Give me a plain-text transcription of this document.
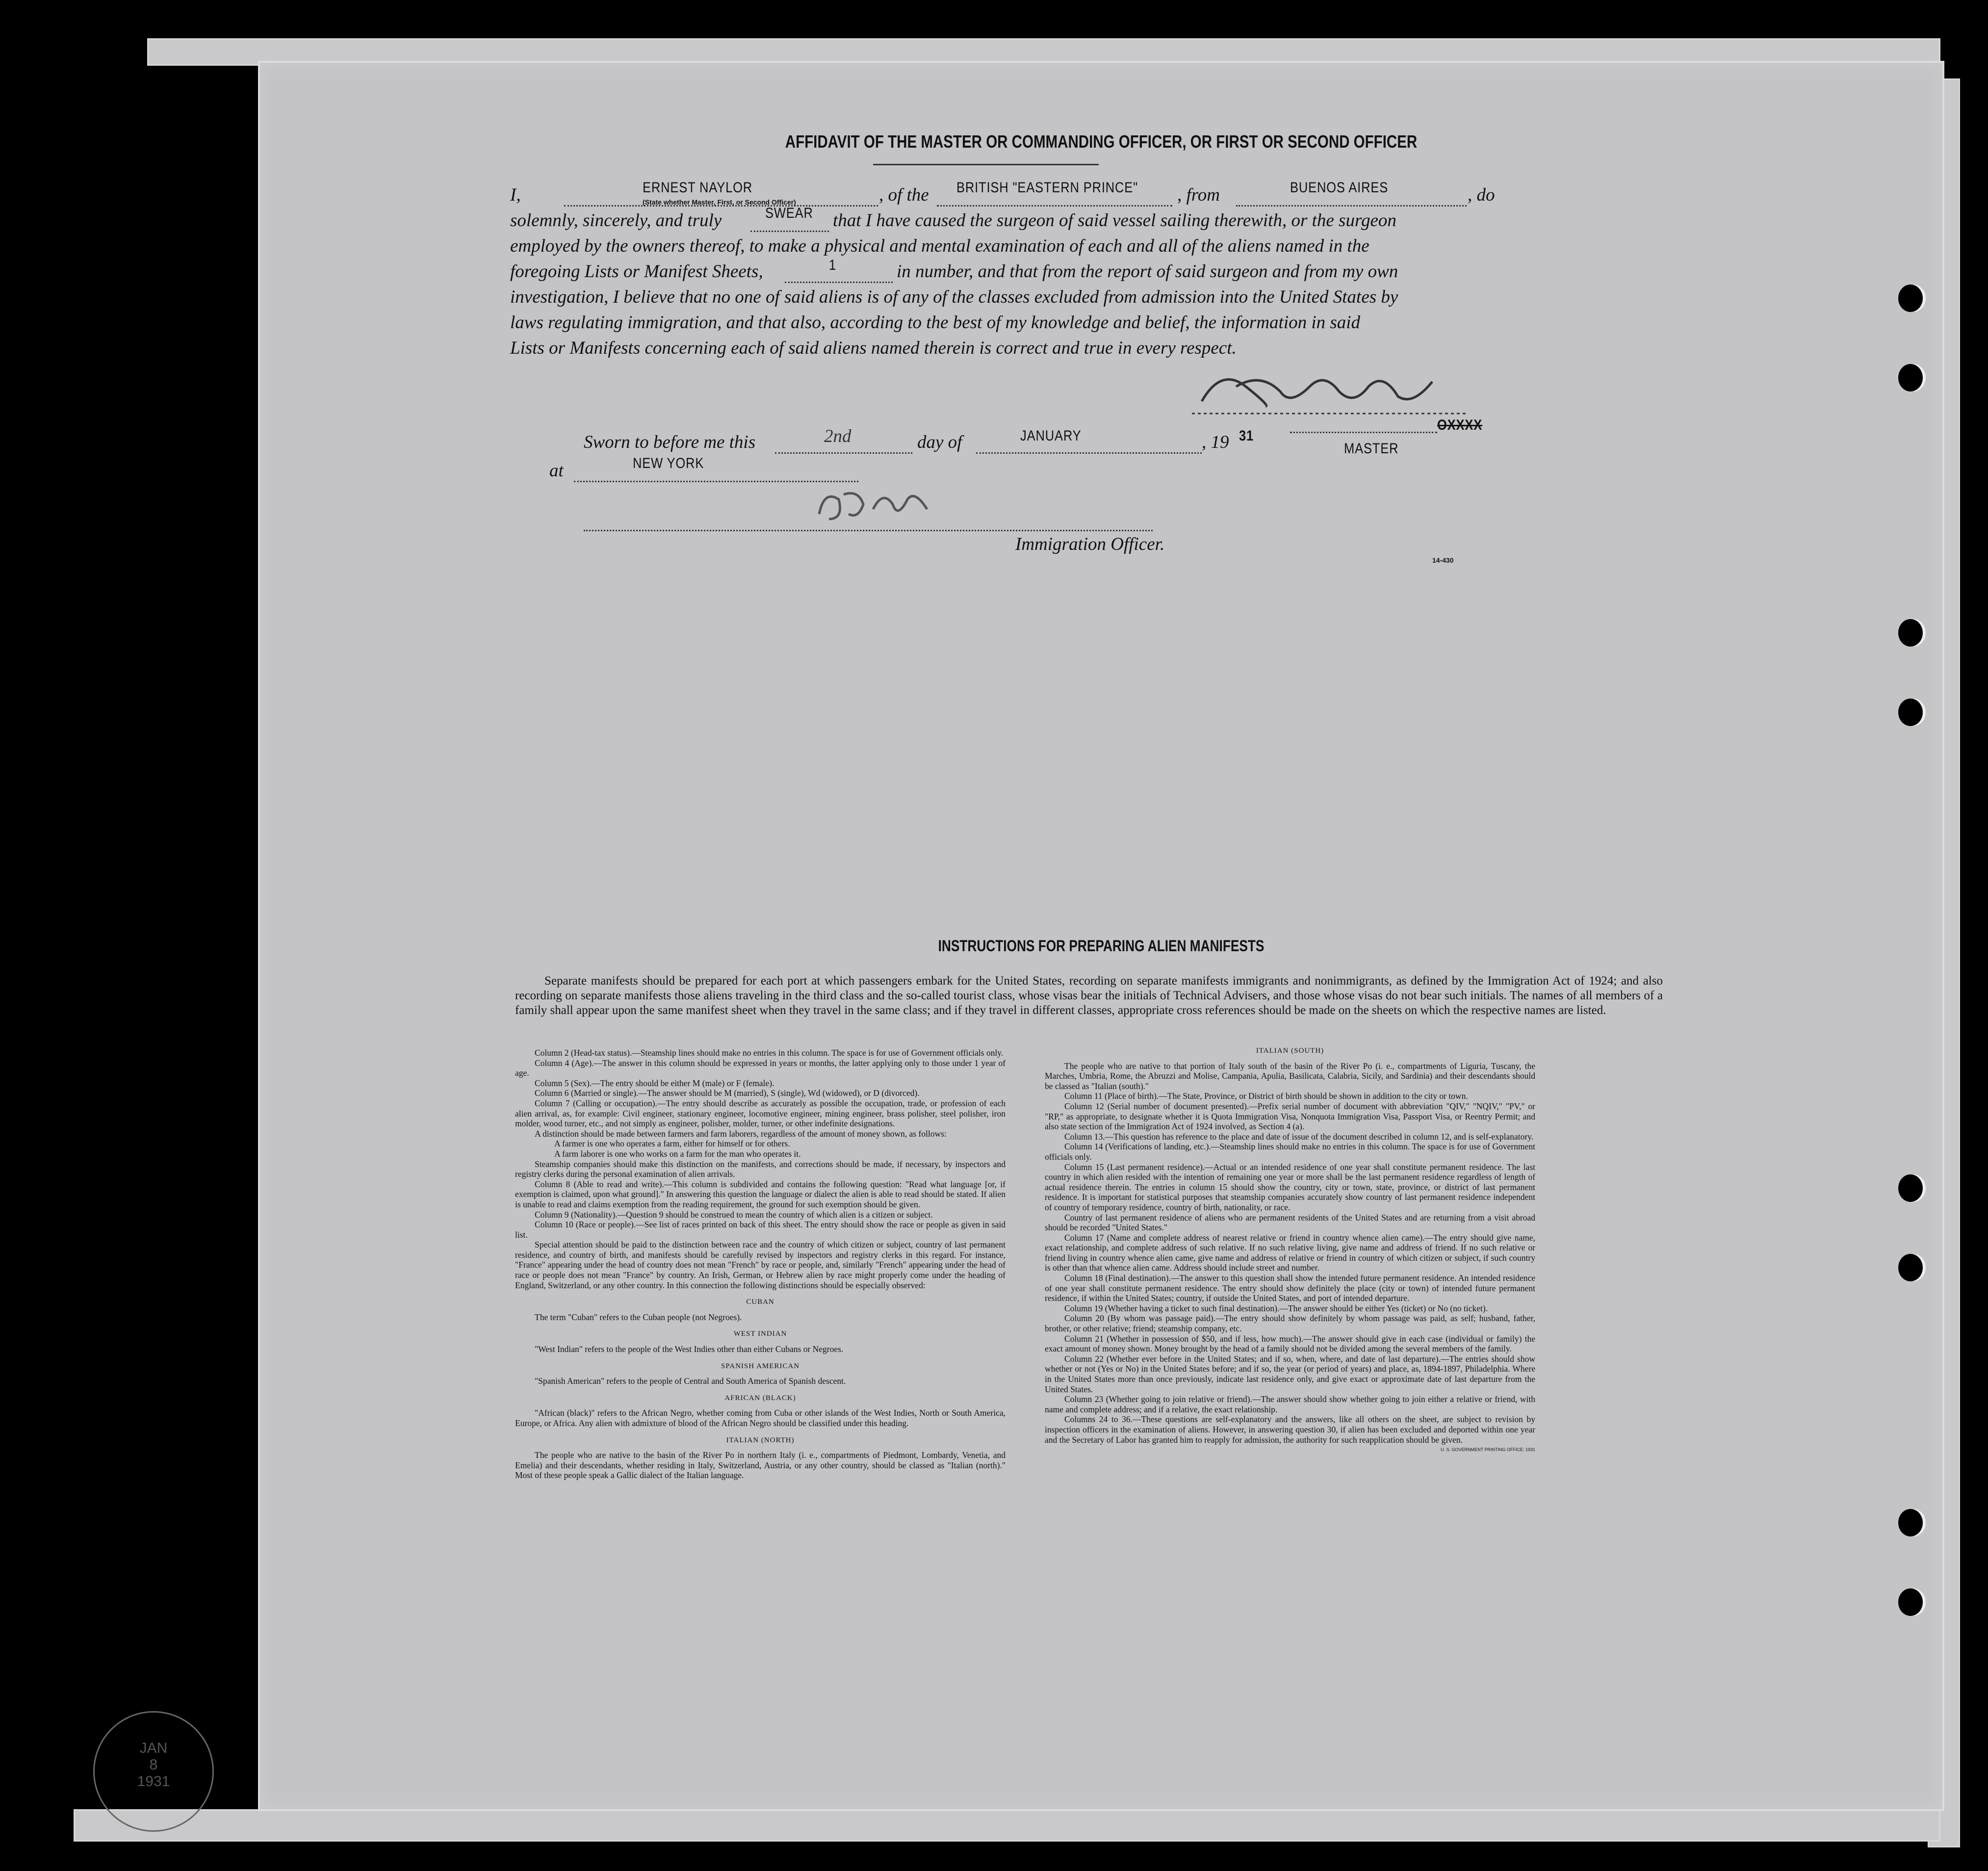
AFFIDAVIT OF THE MASTER OR COMMANDING OFFICER, OR FIRST OR SECOND OFFICER
I,	ERNEST NAYLOR
(State whether Master, First, or Second Officer)	, of the BRITISH "EASTERN PRINCE" , from	BUENOS AIRES	, do
solemnly, sincerely, and truly	SWEAR that I have caused the surgeon of said vessel sailing therewith, or the surgeon
employed by the owners thereof, to make a physical and mental examination of each and all of the aliens named in the
foregoing Lists or Manifest Sheets,	1	in number, and that from the report of said surgeon and from my own
investigation, I believe that no one of said aliens is of any of the classes excluded from admission into the United States by
laws regulating immigration, and that also, according to the best of my knowledge and belief, the information in said
Lists or Manifests concerning each of said aliens named therein is correct and true in every respect.
OXXXX
MASTER
Sworn to before me this	2nd	day of	JANUARY	, 19 31
at	NEW YORK
Immigration Officer.
14-430
INSTRUCTIONS FOR PREPARING ALIEN MANIFESTS

Separate manifests should be prepared for each port at which passengers embark for the United States, recording on separate manifests immigrants and nonimmigrants, as defined by the Immigration Act of 1924; and also recording on separate manifests those aliens traveling in the third class and the so-called tourist class, whose visas bear the initials of Technical Advisers, and those whose visas do not bear such initials. The names of all members of a family shall appear upon the same manifest sheet when they travel in the same class; and if they travel in different classes, appropriate cross references should be made on the sheets on which the respective names are listed.

Column 2 (Head-tax status).—Steamship lines should make no entries in this column. The space is for use of Government officials only.

Column 4 (Age).—The answer in this column should be expressed in years or months, the latter applying only to those under 1 year of age.

Column 5 (Sex).—The entry should be either M (male) or F (female).

Column 6 (Married or single).—The answer should be M (married), S (single), Wd (widowed), or D (divorced).

Column 7 (Calling or occupation).—The entry should describe as accurately as possible the occupation, trade, or profession of each alien arrival, as, for example: Civil engineer, stationary engineer, locomotive engineer, mining engineer, brass polisher, steel polisher, iron molder, wood turner, etc., and not simply as engineer, polisher, molder, turner, or other indefinite designations.

A distinction should be made between farmers and farm laborers, regardless of the amount of money shown, as follows:

A farmer is one who operates a farm, either for himself or for others.

A farm laborer is one who works on a farm for the man who operates it.

Steamship companies should make this distinction on the manifests, and corrections should be made, if necessary, by inspectors and registry clerks during the personal examination of alien arrivals.

Column 8 (Able to read and write).—This column is subdivided and contains the following question: "Read what language [or, if exemption is claimed, upon what ground]." In answering this question the language or dialect the alien is able to read should be stated. If alien is unable to read and claims exemption from the reading requirement, the ground for such exemption should be given.

Column 9 (Nationality).—Question 9 should be construed to mean the country of which alien is a citizen or subject.

Column 10 (Race or people).—See list of races printed on back of this sheet. The entry should show the race or people as given in said list.

Special attention should be paid to the distinction between race and the country of which citizen or subject, country of last permanent residence, and country of birth, and manifests should be carefully revised by inspectors and registry clerks in this regard. For instance, "France" appearing under the head of country does not mean "French" by race or people, and, similarly "French" appearing under the head of race or people does not mean "France" by country. An Irish, German, or Hebrew alien by race might properly come under the heading of England, Switzerland, or any other country. In this connection the following distinctions should be especially observed:

CUBAN

The term "Cuban" refers to the Cuban people (not Negroes).

WEST INDIAN

"West Indian" refers to the people of the West Indies other than either Cubans or Negroes.

SPANISH AMERICAN

"Spanish American" refers to the people of Central and South America of Spanish descent.

AFRICAN (BLACK)

"African (black)" refers to the African Negro, whether coming from Cuba or other islands of the West Indies, North or South America, Europe, or Africa. Any alien with admixture of blood of the African Negro should be classified under this heading.

ITALIAN (NORTH)

The people who are native to the basin of the River Po in northern Italy (i. e., compartments of Piedmont, Lombardy, Venetia, and Emelia) and their descendants, whether residing in Italy, Switzerland, Austria, or any other country, should be classed as "Italian (north)." Most of these people speak a Gallic dialect of the Italian language.

ITALIAN (SOUTH)

The people who are native to that portion of Italy south of the basin of the River Po (i. e., compartments of Liguria, Tuscany, the Marches, Umbria, Rome, the Abruzzi and Molise, Campania, Apulia, Basilicata, Calabria, Sicily, and Sardinia) and their descendants should be classed as "Italian (south)."

Column 11 (Place of birth).—The State, Province, or District of birth should be shown in addition to the city or town.

Column 12 (Serial number of document presented).—Prefix serial number of document with abbreviation "QIV," "NQIV," "PV," or "RP," as appropriate, to designate whether it is Quota Immigration Visa, Nonquota Immigration Visa, Passport Visa, or Reentry Permit; and also state section of the Immigration Act of 1924 involved, as Section 4 (a).

Column 13.—This question has reference to the place and date of issue of the document described in column 12, and is self-explanatory.

Column 14 (Verifications of landing, etc.).—Steamship lines should make no entries in this column. The space is for use of Government officials only.

Column 15 (Last permanent residence).—Actual or an intended residence of one year shall constitute permanent residence. The last country in which alien resided with the intention of remaining one year or more shall be the last permanent residence regardless of length of actual residence therein. The entries in column 15 should show the country, city or town, state, province, or district of last permanent residence. It is important for statistical purposes that steamship companies accurately show country of last permanent residence independent of country of temporary residence, country of birth, nationality, or race.

Country of last permanent residence of aliens who are permanent residents of the United States and are returning from a visit abroad should be recorded "United States."

Column 17 (Name and complete address of nearest relative or friend in country whence alien came).—The entry should give name, exact relationship, and complete address of such relative. If no such relative living, give name and address of friend. If no such relative or friend living in country whence alien came, give name and address of relative or friend in country of which citizen or subject, if such country is other than that whence alien came. Address should include street and number.

Column 18 (Final destination).—The answer to this question shall show the intended future permanent residence. An intended residence of one year shall constitute permanent residence. The entry should show definitely the place (city or town) of intended future permanent residence, if within the United States; country, if outside the United States, and port of intended departure.

Column 19 (Whether having a ticket to such final destination).—The answer should be either Yes (ticket) or No (no ticket).

Column 20 (By whom was passage paid).—The entry should show definitely by whom passage was paid, as self; husband, father, brother, or other relative; friend; steamship company, etc.

Column 21 (Whether in possession of $50, and if less, how much).—The answer should give in each case (individual or family) the exact amount of money shown. Money brought by the head of a family should not be divided among the several members of the family.

Column 22 (Whether ever before in the United States; and if so, when, where, and date of last departure).—The entries should show whether or not (Yes or No) in the United States before; and if so, the year (or period of years) and place, as, 1894-1897, Philadelphia. Where in the United States more than once previously, indicate last residence only, and give exact or approximate date of last departure from the United States.

Column 23 (Whether going to join relative or friend).—The answer should show whether going to join either a relative or friend, with name and complete address; and if a relative, the exact relationship.

Columns 24 to 36.—These questions are self-explanatory and the answers, like all others on the sheet, are subject to revision by inspection officers in the examination of aliens. However, in answering question 30, if alien has been excluded and deported within one year and the Secretary of Labor has granted him to reapply for admission, the authority for such reapplication should be given.

U. S. GOVERNMENT PRINTING OFFICE: 1931

JAN
8
1931
